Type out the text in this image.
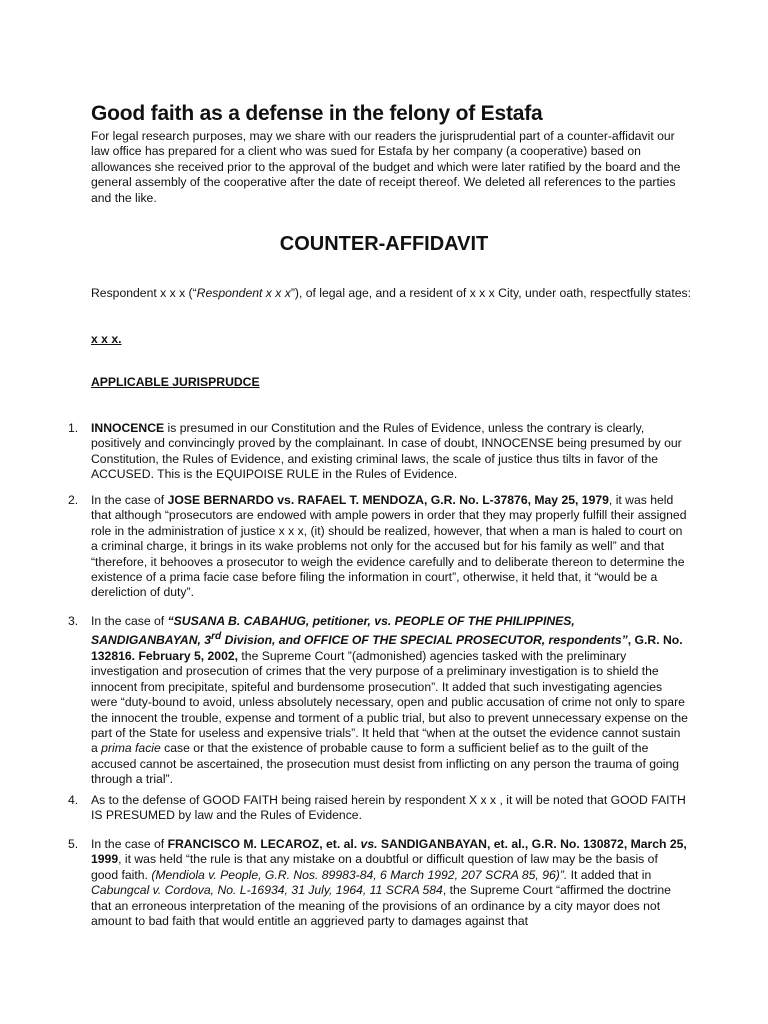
Good faith as a defense in the felony of Estafa

For legal research purposes, may we share with our readers the jurisprudential part of a counter-affidavit our law office has prepared for a client who was sued for Estafa by her company (a cooperative) based on allowances she received prior to the approval of the budget and which were later ratified by the board and the general assembly of the cooperative after the date of receipt thereof. We deleted all references to the parties and the like.

COUNTER-AFFIDAVIT

Respondent x x x (“Respondent x x x”), of legal age, and a resident of x x x City, under oath, respectfully states:

x x x.

APPLICABLE JURISPRUDCE

1. INNOCENCE is presumed in our Constitution and the Rules of Evidence, unless the contrary is clearly, positively and convincingly proved by the complainant. In case of doubt, INNOCENSE being presumed by our Constitution, the Rules of Evidence, and existing criminal laws, the scale of justice thus tilts in favor of the ACCUSED. This is the EQUIPOISE RULE in the Rules of Evidence.
2. In the case of JOSE BERNARDO vs. RAFAEL T. MENDOZA, G.R. No. L-37876, May 25, 1979, it was held that although “prosecutors are endowed with ample powers in order that they may properly fulfill their assigned role in the administration of justice x x x, (it) should be realized, however, that when a man is haled to court on a criminal charge, it brings in its wake problems not only for the accused but for his family as well” and that “therefore, it behooves a prosecutor to weigh the evidence carefully and to deliberate thereon to determine the existence of a prima facie case before filing the information in court”, otherwise, it held that, it “would be a dereliction of duty”.
3. In the case of “SUSANA B. CABAHUG, petitioner, vs. PEOPLE OF THE PHILIPPINES, SANDIGANBAYAN, 3rd Division, and OFFICE OF THE SPECIAL PROSECUTOR, respondents”, G.R. No. 132816. February 5, 2002, the Supreme Court ”(admonished) agencies tasked with the preliminary investigation and prosecution of crimes that the very purpose of a preliminary investigation is to shield the innocent from precipitate, spiteful and burdensome prosecution”. It added that such investigating agencies were “duty-bound to avoid, unless absolutely necessary, open and public accusation of crime not only to spare the innocent the trouble, expense and torment of a public trial, but also to prevent unnecessary expense on the part of the State for useless and expensive trials”. It held that “when at the outset the evidence cannot sustain a prima facie case or that the existence of probable cause to form a sufficient belief as to the guilt of the accused cannot be ascertained, the prosecution must desist from inflicting on any person the trauma of going through a trial”.
4. As to the defense of GOOD FAITH being raised herein by respondent X x x , it will be noted that GOOD FAITH IS PRESUMED by law and the Rules of Evidence.
5. In the case of FRANCISCO M. LECAROZ, et. al. vs. SANDIGANBAYAN, et. al., G.R. No. 130872, March 25, 1999, it was held “the rule is that any mistake on a doubtful or difficult question of law may be the basis of good faith. (Mendiola v. People, G.R. Nos. 89983-84, 6 March 1992, 207 SCRA 85, 96)”. It added that in Cabungcal v. Cordova, No. L-16934, 31 July, 1964, 11 SCRA 584, the Supreme Court “affirmed the doctrine that an erroneous interpretation of the meaning of the provisions of an ordinance by a city mayor does not amount to bad faith that would entitle an aggrieved party to damages against that
